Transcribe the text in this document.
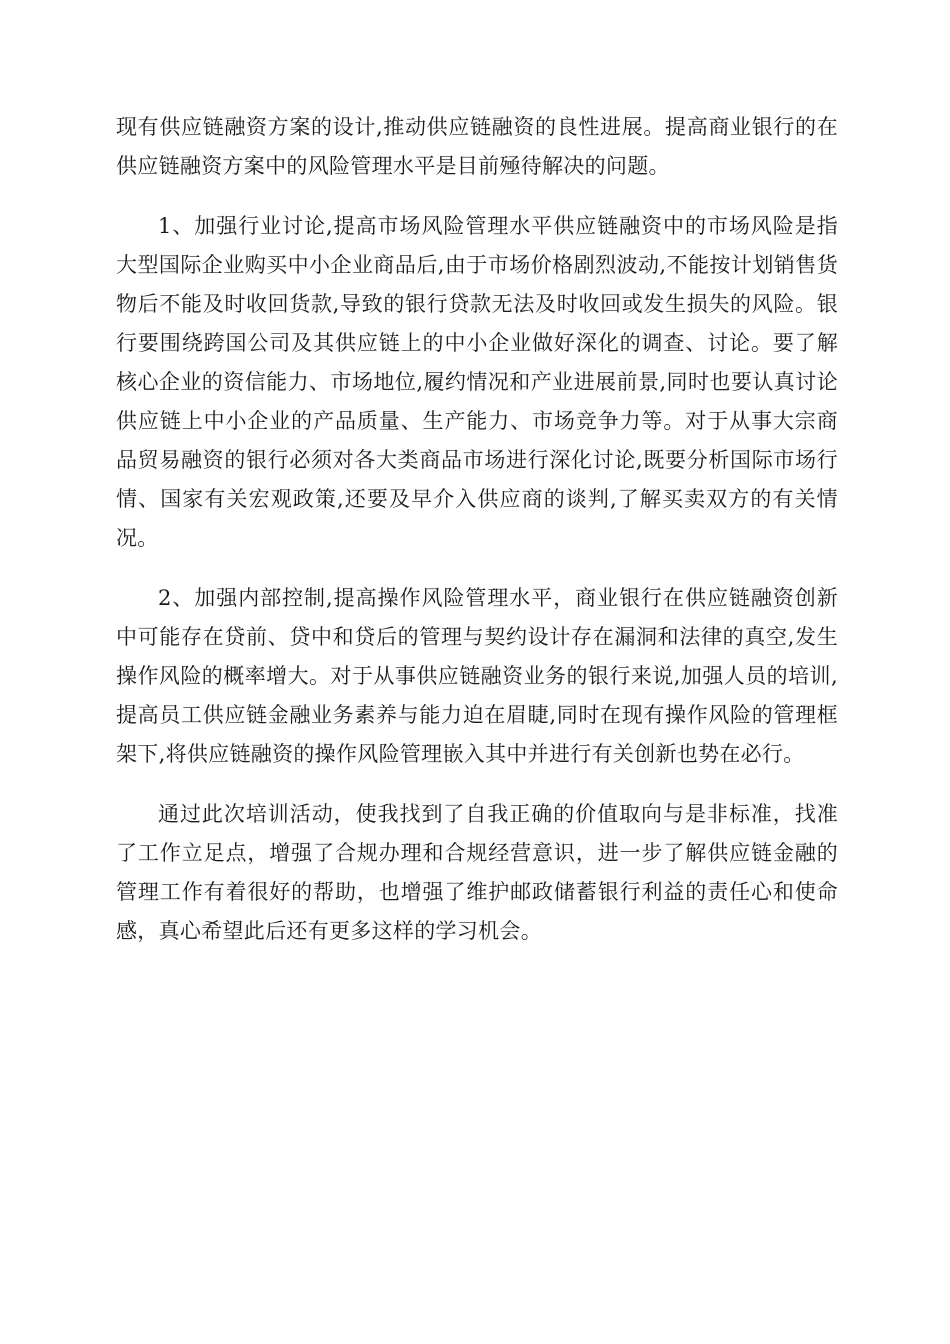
现有供应链融资方案的设计,推动供应链融资的良性进展。提高商业银行的在供应链融资方案中的风险管理水平是目前殛待解决的问题。

1、加强行业讨论,提高市场风险管理水平供应链融资中的市场风险是指大型国际企业购买中小企业商品后,由于市场价格剧烈波动,不能按计划销售货物后不能及时收回货款,导致的银行贷款无法及时收回或发生损失的风险。银行要围绕跨国公司及其供应链上的中小企业做好深化的调查、讨论。要了解核心企业的资信能力、市场地位,履约情况和产业进展前景,同时也要认真讨论供应链上中小企业的产品质量、生产能力、市场竞争力等。对于从事大宗商品贸易融资的银行必须对各大类商品市场进行深化讨论,既要分析国际市场行情、国家有关宏观政策,还要及早介入供应商的谈判,了解买卖双方的有关情况。

2、加强内部控制,提高操作风险管理水平，商业银行在供应链融资创新中可能存在贷前、贷中和贷后的管理与契约设计存在漏洞和法律的真空,发生操作风险的概率增大。对于从事供应链融资业务的银行来说,加强人员的培训,提高员工供应链金融业务素养与能力迫在眉睫,同时在现有操作风险的管理框架下,将供应链融资的操作风险管理嵌入其中并进行有关创新也势在必行。

通过此次培训活动，使我找到了自我正确的价值取向与是非标准，找准了工作立足点，增强了合规办理和合规经营意识，进一步了解供应链金融的管理工作有着很好的帮助，也增强了维护邮政储蓄银行利益的责任心和使命感，真心希望此后还有更多这样的学习机会。
